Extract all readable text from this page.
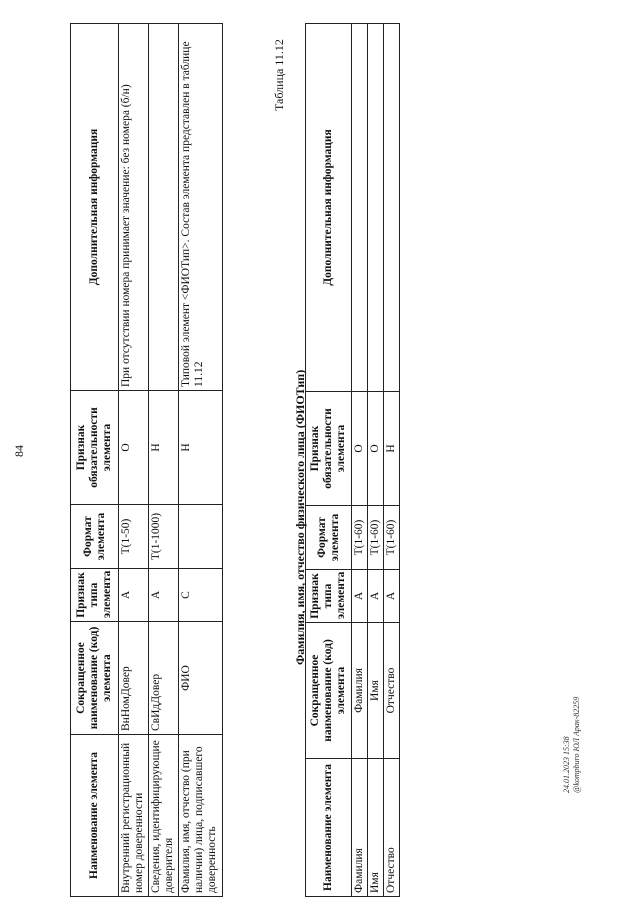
84
Наименование элемента	Сокращенное наименование (код) элемента	Признак типа элемента	Формат элемента	Признак обязательности элемента	Дополнительная информация
Внутренний регистрационный номер доверенности	ВнНомДовер	А	T(1-50)	О	При отсутствии номера принимает значение: без номера (б/н)
Сведения, идентифицирующие доверителя	СвИдДовер	А	T(1-1000)	Н	
Фамилия, имя, отчество (при наличии) лица, подписавшего доверенность	ФИО	С		Н	Типовой элемент <ФИОТип>. Состав элемента представлен в таблице 11.12
Таблица 11.12
Фамилия, имя, отчество физического лица (ФИОТип)
Наименование элемента	Сокращенное наименование (код) элемента	Признак типа элемента	Формат элемента	Признак обязательности элемента	Дополнительная информация
Фамилия	Фамилия	А	T(1-60)	О	
Имя	Имя	А	T(1-60)	О	
Отчество	Отчество	А	T(1-60)	Н	
24.01.2023 15:38 @kompburo ЮЛ Арак-82259
